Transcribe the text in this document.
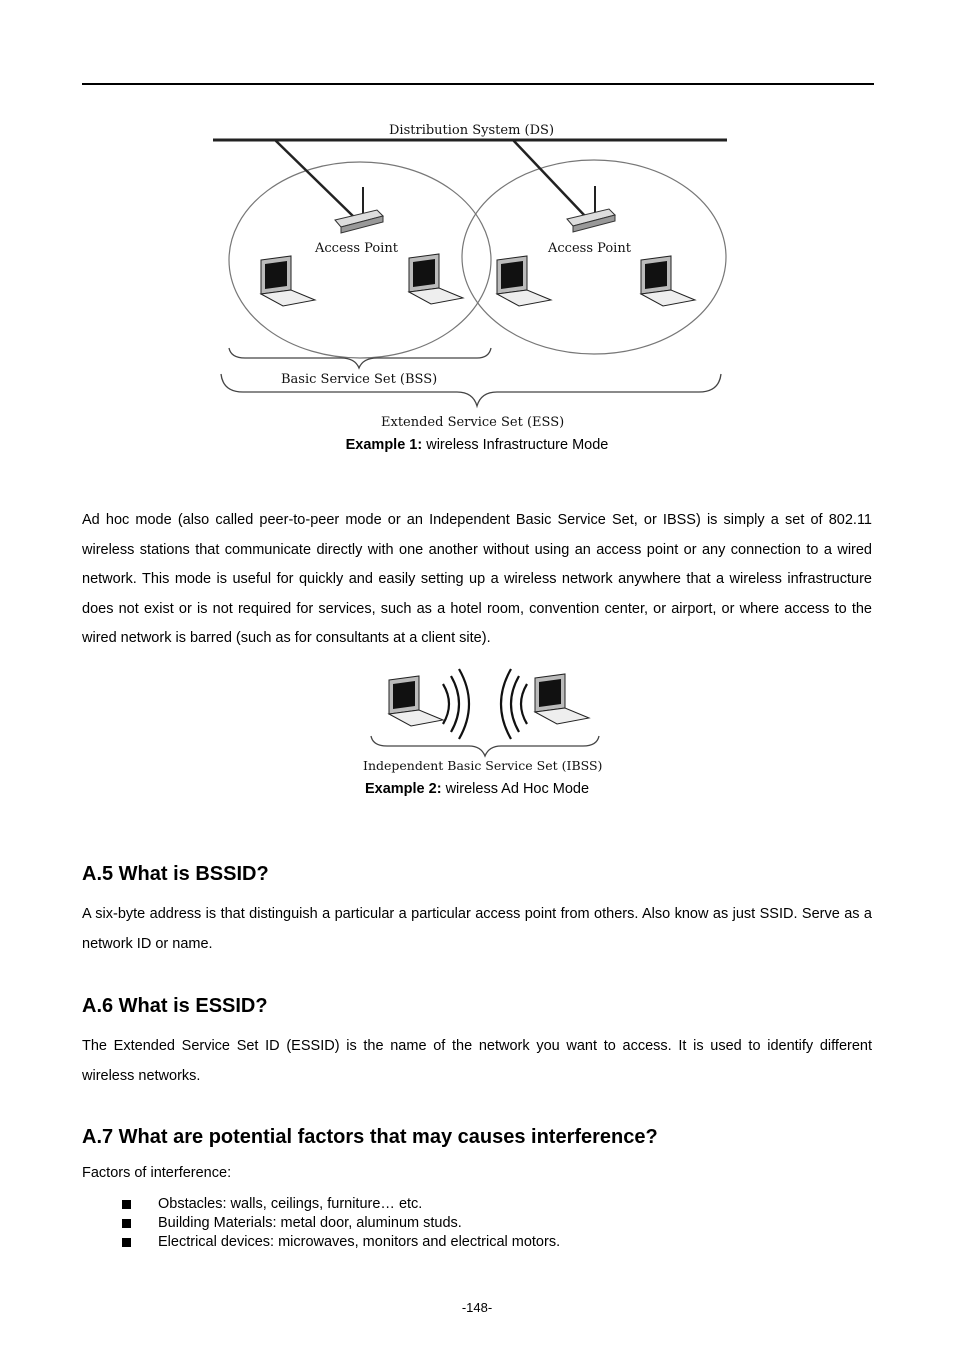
Distribution System (DS)
Access Point	Access Point
Basic Service Set (BSS)
Extended Service Set (ESS)
Example 1: wireless Infrastructure Mode

Ad hoc mode (also called peer-to-peer mode or an Independent Basic Service Set, or IBSS) is simply a set of 802.11 wireless stations that communicate directly with one another without using an access point or any connection to a wired network. This mode is useful for quickly and easily setting up a wireless network anywhere that a wireless infrastructure does not exist or is not required for services, such as a hotel room, convention center, or airport, or where access to the wired network is barred (such as for consultants at a client site).

Independent Basic Service Set (IBSS)
Example 2: wireless Ad Hoc Mode
A.5 What is BSSID?

A six-byte address is that distinguish a particular a particular access point from others. Also know as just SSID. Serve as a network ID or name.

A.6 What is ESSID?

The Extended Service Set ID (ESSID) is the name of the network you want to access. It is used to identify different wireless networks.

A.7 What are potential factors that may causes interference?

Factors of interference:

Obstacles: walls, ceilings, furniture… etc.
Building Materials: metal door, aluminum studs.
Electrical devices: microwaves, monitors and electrical motors.
-148-
